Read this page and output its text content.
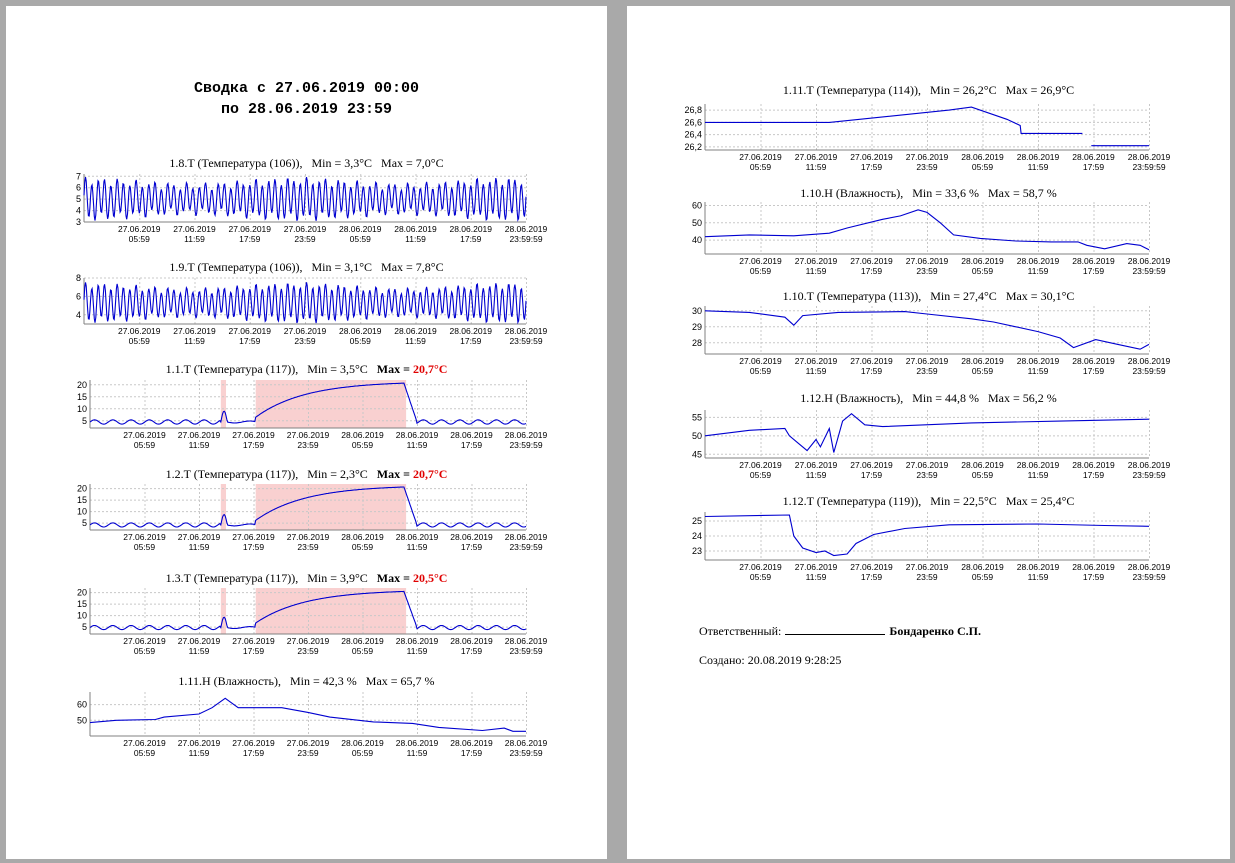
Сводка с 27.06.2019 00:00
по 28.06.2019 23:59
1.8.T (Температура (106)),   Min = 3,3°C   Max = 7,0°C
3
4
5
6
7
27.06.2019
05:59
27.06.2019
11:59
27.06.2019
17:59
27.06.2019
23:59
28.06.2019
05:59
28.06.2019
11:59
28.06.2019
17:59
28.06.2019
23:59:59
1.9.T (Температура (106)),   Min = 3,1°C   Max = 7,8°C
4
6
8
27.06.2019
05:59
27.06.2019
11:59
27.06.2019
17:59
27.06.2019
23:59
28.06.2019
05:59
28.06.2019
11:59
28.06.2019
17:59
28.06.2019
23:59:59
1.1.T (Температура (117)),   Min = 3,5°C   Max = 20,7°C
5
10
15
20
27.06.2019
05:59
27.06.2019
11:59
27.06.2019
17:59
27.06.2019
23:59
28.06.2019
05:59
28.06.2019
11:59
28.06.2019
17:59
28.06.2019
23:59:59
1.2.T (Температура (117)),   Min = 2,3°C   Max = 20,7°C
5
10
15
20
27.06.2019
05:59
27.06.2019
11:59
27.06.2019
17:59
27.06.2019
23:59
28.06.2019
05:59
28.06.2019
11:59
28.06.2019
17:59
28.06.2019
23:59:59
1.3.T (Температура (117)),   Min = 3,9°C   Max = 20,5°C
5
10
15
20
27.06.2019
05:59
27.06.2019
11:59
27.06.2019
17:59
27.06.2019
23:59
28.06.2019
05:59
28.06.2019
11:59
28.06.2019
17:59
28.06.2019
23:59:59
1.11.H (Влажность),   Min = 42,3 %   Max = 65,7 %
50
60
27.06.2019
05:59
27.06.2019
11:59
27.06.2019
17:59
27.06.2019
23:59
28.06.2019
05:59
28.06.2019
11:59
28.06.2019
17:59
28.06.2019
23:59:59
Ответственный:	Бондаренко С.П.
Создано: 20.08.2019 9:28:25
1.11.T (Температура (114)),   Min = 26,2°C   Max = 26,9°C
26,2
26,4
26,6
26,8
27.06.2019
05:59
27.06.2019
11:59
27.06.2019
17:59
27.06.2019
23:59
28.06.2019
05:59
28.06.2019
11:59
28.06.2019
17:59
28.06.2019
23:59:59
1.10.H (Влажность),   Min = 33,6 %   Max = 58,7 %
40
50
60
27.06.2019
05:59
27.06.2019
11:59
27.06.2019
17:59
27.06.2019
23:59
28.06.2019
05:59
28.06.2019
11:59
28.06.2019
17:59
28.06.2019
23:59:59
1.10.T (Температура (113)),   Min = 27,4°C   Max = 30,1°C
28
29
30
27.06.2019
05:59
27.06.2019
11:59
27.06.2019
17:59
27.06.2019
23:59
28.06.2019
05:59
28.06.2019
11:59
28.06.2019
17:59
28.06.2019
23:59:59
1.12.H (Влажность),   Min = 44,8 %   Max = 56,2 %
45
50
55
27.06.2019
05:59
27.06.2019
11:59
27.06.2019
17:59
27.06.2019
23:59
28.06.2019
05:59
28.06.2019
11:59
28.06.2019
17:59
28.06.2019
23:59:59
1.12.T (Температура (119)),   Min = 22,5°C   Max = 25,4°C
23
24
25
27.06.2019
05:59
27.06.2019
11:59
27.06.2019
17:59
27.06.2019
23:59
28.06.2019
05:59
28.06.2019
11:59
28.06.2019
17:59
28.06.2019
23:59:59
